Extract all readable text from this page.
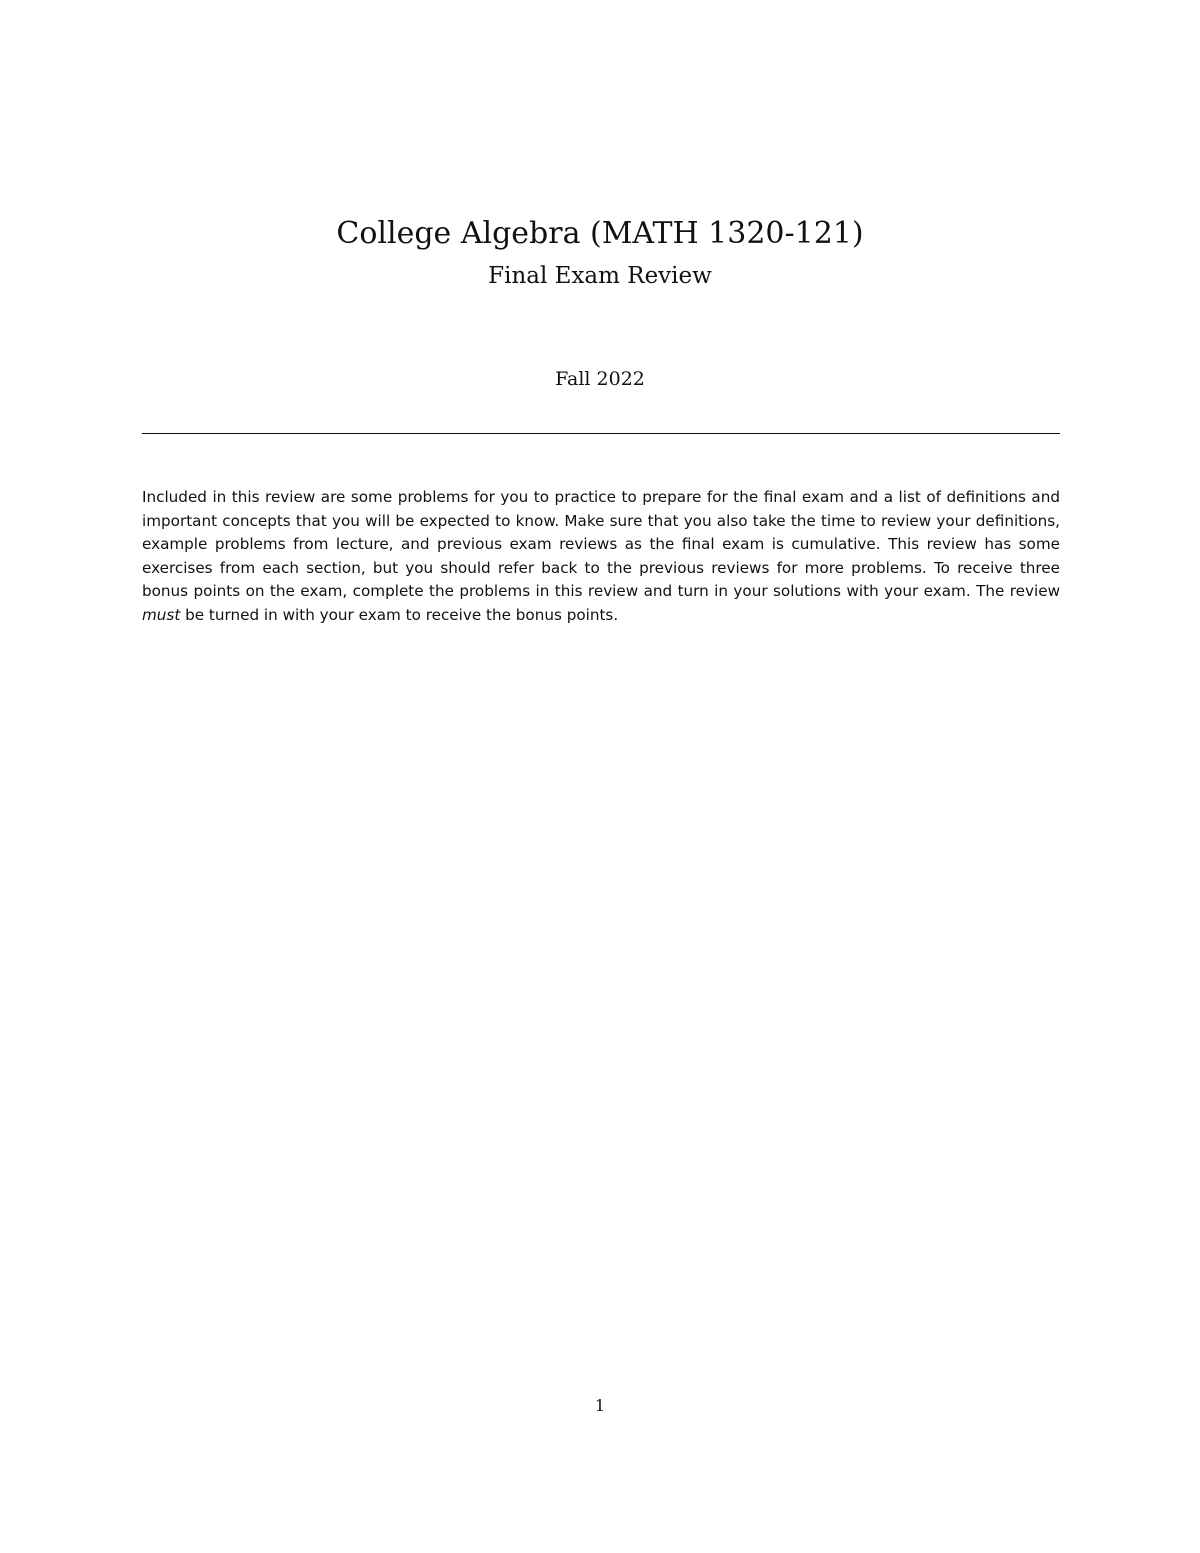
College Algebra (MATH 1320-121)
Final Exam Review
Fall 2022

Included in this review are some problems for you to practice to prepare for the final exam and a list of definitions and important concepts that you will be expected to know. Make sure that you also take the time to review your definitions, example problems from lecture, and previous exam reviews as the final exam is cumulative. This review has some exercises from each section, but you should refer back to the previous reviews for more problems. To receive three bonus points on the exam, complete the problems in this review and turn in your solutions with your exam. The review must be turned in with your exam to receive the bonus points.

1
